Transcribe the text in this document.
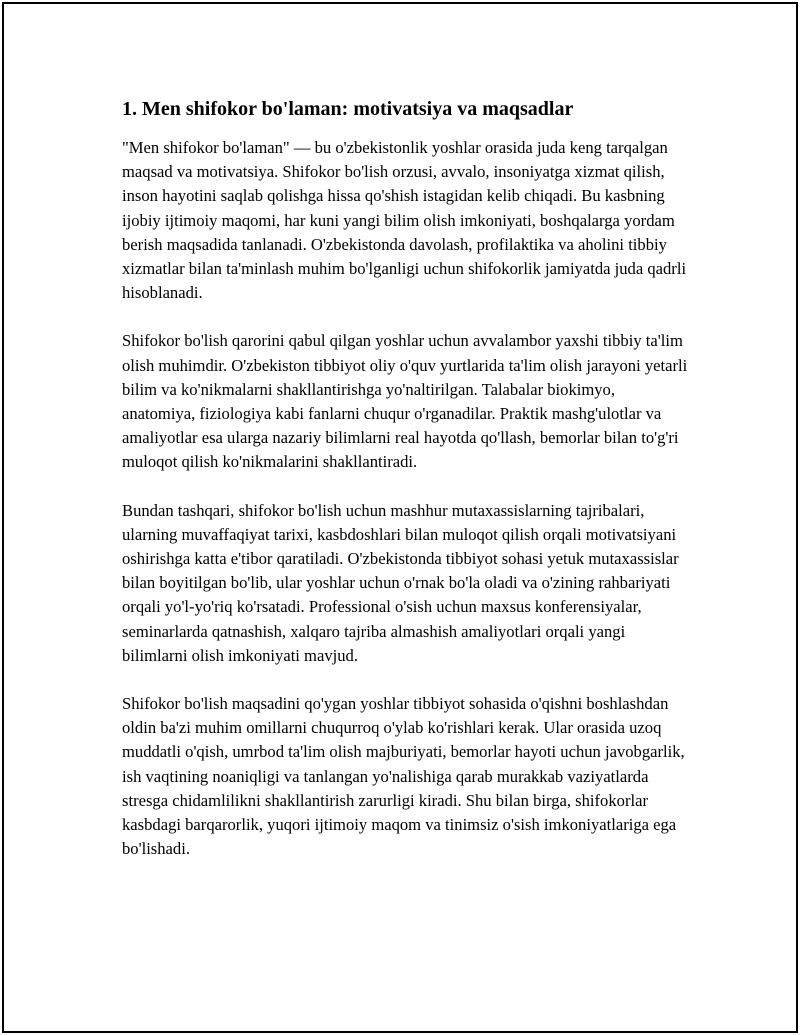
1. Men shifokor bo'laman: motivatsiya va maqsadlar

"Men shifokor bo'laman" — bu o'zbekistonlik yoshlar orasida juda keng tarqalgan maqsad va motivatsiya. Shifokor bo'lish orzusi, avvalo, insoniyatga xizmat qilish, inson hayotini saqlab qolishga hissa qo'shish istagidan kelib chiqadi. Bu kasbning ijobiy ijtimoiy maqomi, har kuni yangi bilim olish imkoniyati, boshqalarga yordam berish maqsadida tanlanadi. O'zbekistonda davolash, profilaktika va aholini tibbiy xizmatlar bilan ta'minlash muhim bo'lganligi uchun shifokorlik jamiyatda juda qadrli hisoblanadi.

Shifokor bo'lish qarorini qabul qilgan yoshlar uchun avvalambor yaxshi tibbiy ta'lim olish muhimdir. O'zbekiston tibbiyot oliy o'quv yurtlarida ta'lim olish jarayoni yetarli bilim va ko'nikmalarni shakllantirishga yo'naltirilgan. Talabalar biokimyo, anatomiya, fiziologiya kabi fanlarni chuqur o'rganadilar. Praktik mashg'ulotlar va amaliyotlar esa ularga nazariy bilimlarni real hayotda qo'llash, bemorlar bilan to'g'ri muloqot qilish ko'nikmalarini shakllantiradi.

Bundan tashqari, shifokor bo'lish uchun mashhur mutaxassislarning tajribalari, ularning muvaffaqiyat tarixi, kasbdoshlari bilan muloqot qilish orqali motivatsiyani oshirishga katta e'tibor qaratiladi. O'zbekistonda tibbiyot sohasi yetuk mutaxassislar bilan boyitilgan bo'lib, ular yoshlar uchun o'rnak bo'la oladi va o'zining rahbariyati orqali yo'l-yo'riq ko'rsatadi. Professional o'sish uchun maxsus konferensiyalar, seminarlarda qatnashish, xalqaro tajriba almashish amaliyotlari orqali yangi bilimlarni olish imkoniyati mavjud.

Shifokor bo'lish maqsadini qo'ygan yoshlar tibbiyot sohasida o'qishni boshlashdan oldin ba'zi muhim omillarni chuqurroq o'ylab ko'rishlari kerak. Ular orasida uzoq muddatli o'qish, umrbod ta'lim olish majburiyati, bemorlar hayoti uchun javobgarlik, ish vaqtining noaniqligi va tanlangan yo'nalishiga qarab murakkab vaziyatlarda stresga chidamlilikni shakllantirish zarurligi kiradi. Shu bilan birga, shifokorlar kasbdagi barqarorlik, yuqori ijtimoiy maqom va tinimsiz o'sish imkoniyatlariga ega bo'lishadi.
